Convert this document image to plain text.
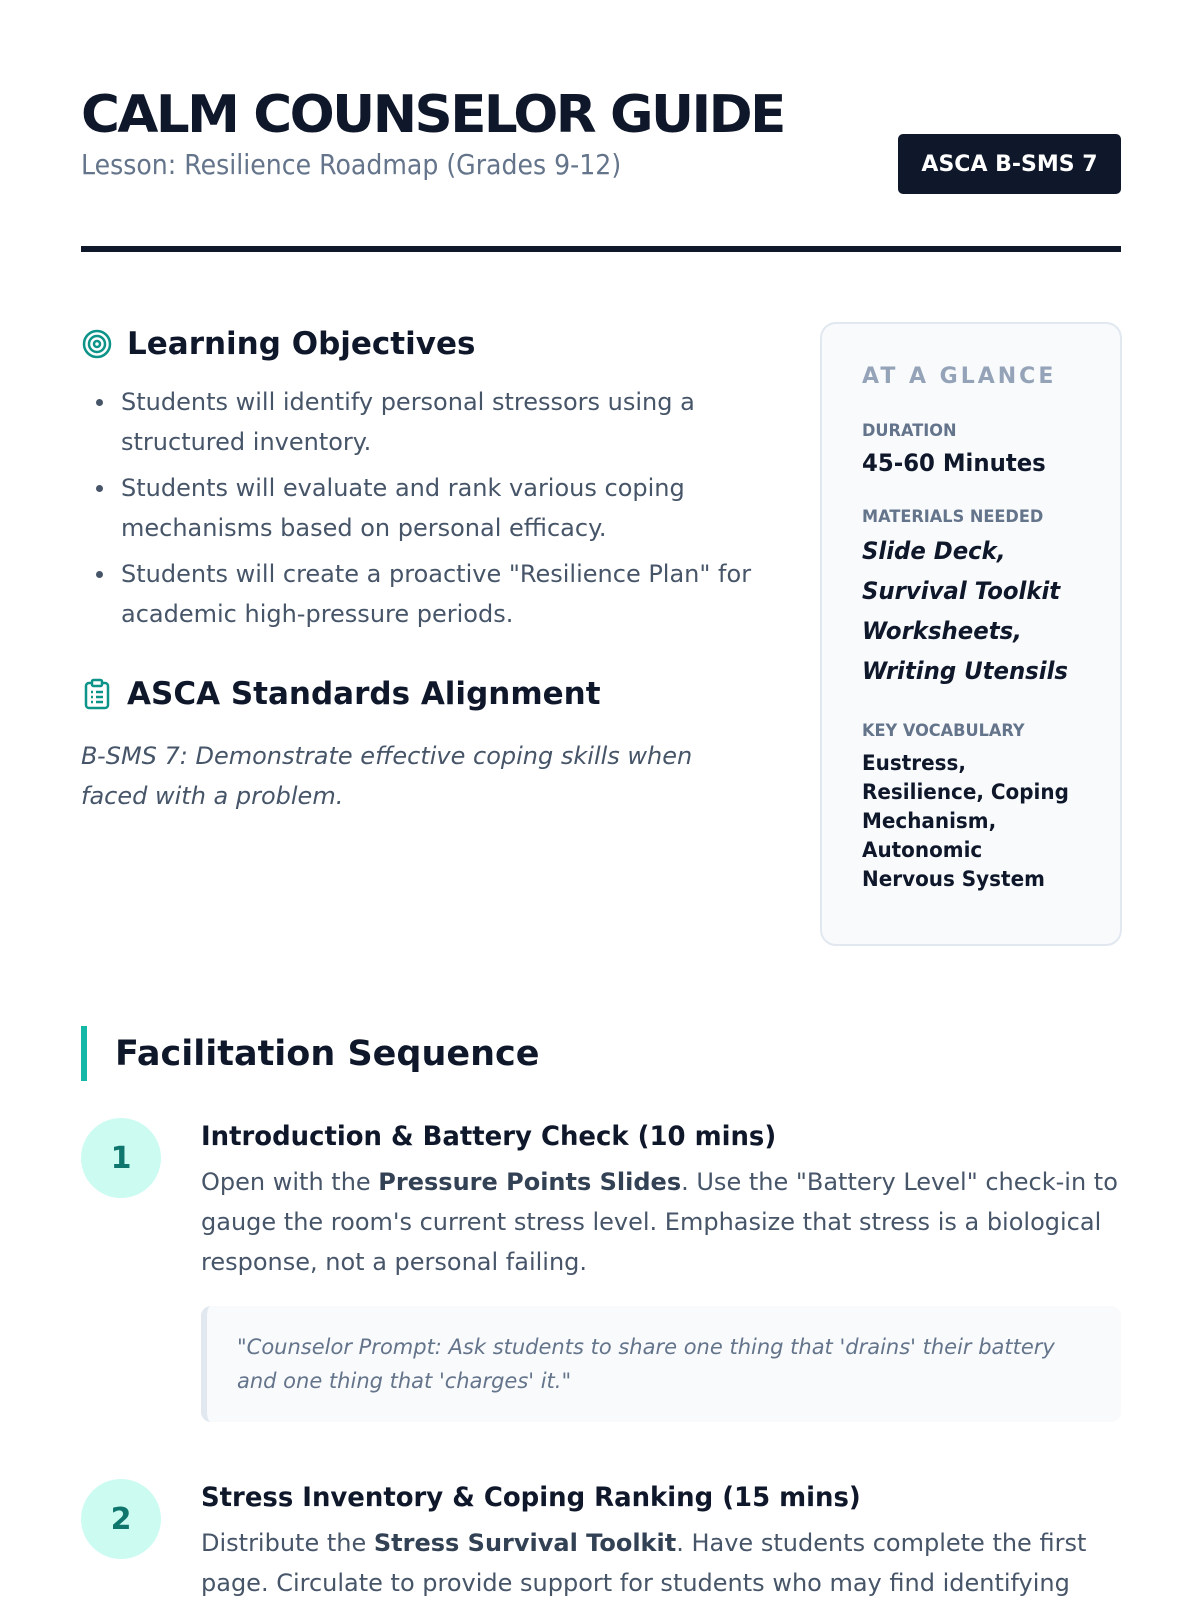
CALM COUNSELOR GUIDE
Lesson: Resilience Roadmap (Grades 9-12)	ASCA B-SMS 7
Learning Objectives
Students will identify personal stressors using a structured inventory.
Students will evaluate and rank various coping mechanisms based on personal efficacy.
Students will create a proactive "Resilience Plan" for academic high-pressure periods.
ASCA Standards Alignment
B-SMS 7: Demonstrate effective coping skills when faced with a problem.
AT A GLANCE
DURATION
45-60 Minutes
MATERIALS NEEDED
Slide Deck,
Survival Toolkit
Worksheets,
Writing Utensils
KEY VOCABULARY
Eustress,
Resilience, Coping
Mechanism,
Autonomic
Nervous System
Facilitation Sequence
1
Introduction & Battery Check (10 mins)

Open with the Pressure Points Slides. Use the "Battery Level" check-in to gauge the room's current stress level. Emphasize that stress is a biological response, not a personal failing.

"Counselor Prompt: Ask students to share one thing that 'drains' their battery and one thing that 'charges' it."
2
Stress Inventory & Coping Ranking (15 mins)

Distribute the Stress Survival Toolkit. Have students complete the first page. Circulate to provide support for students who may find identifying
